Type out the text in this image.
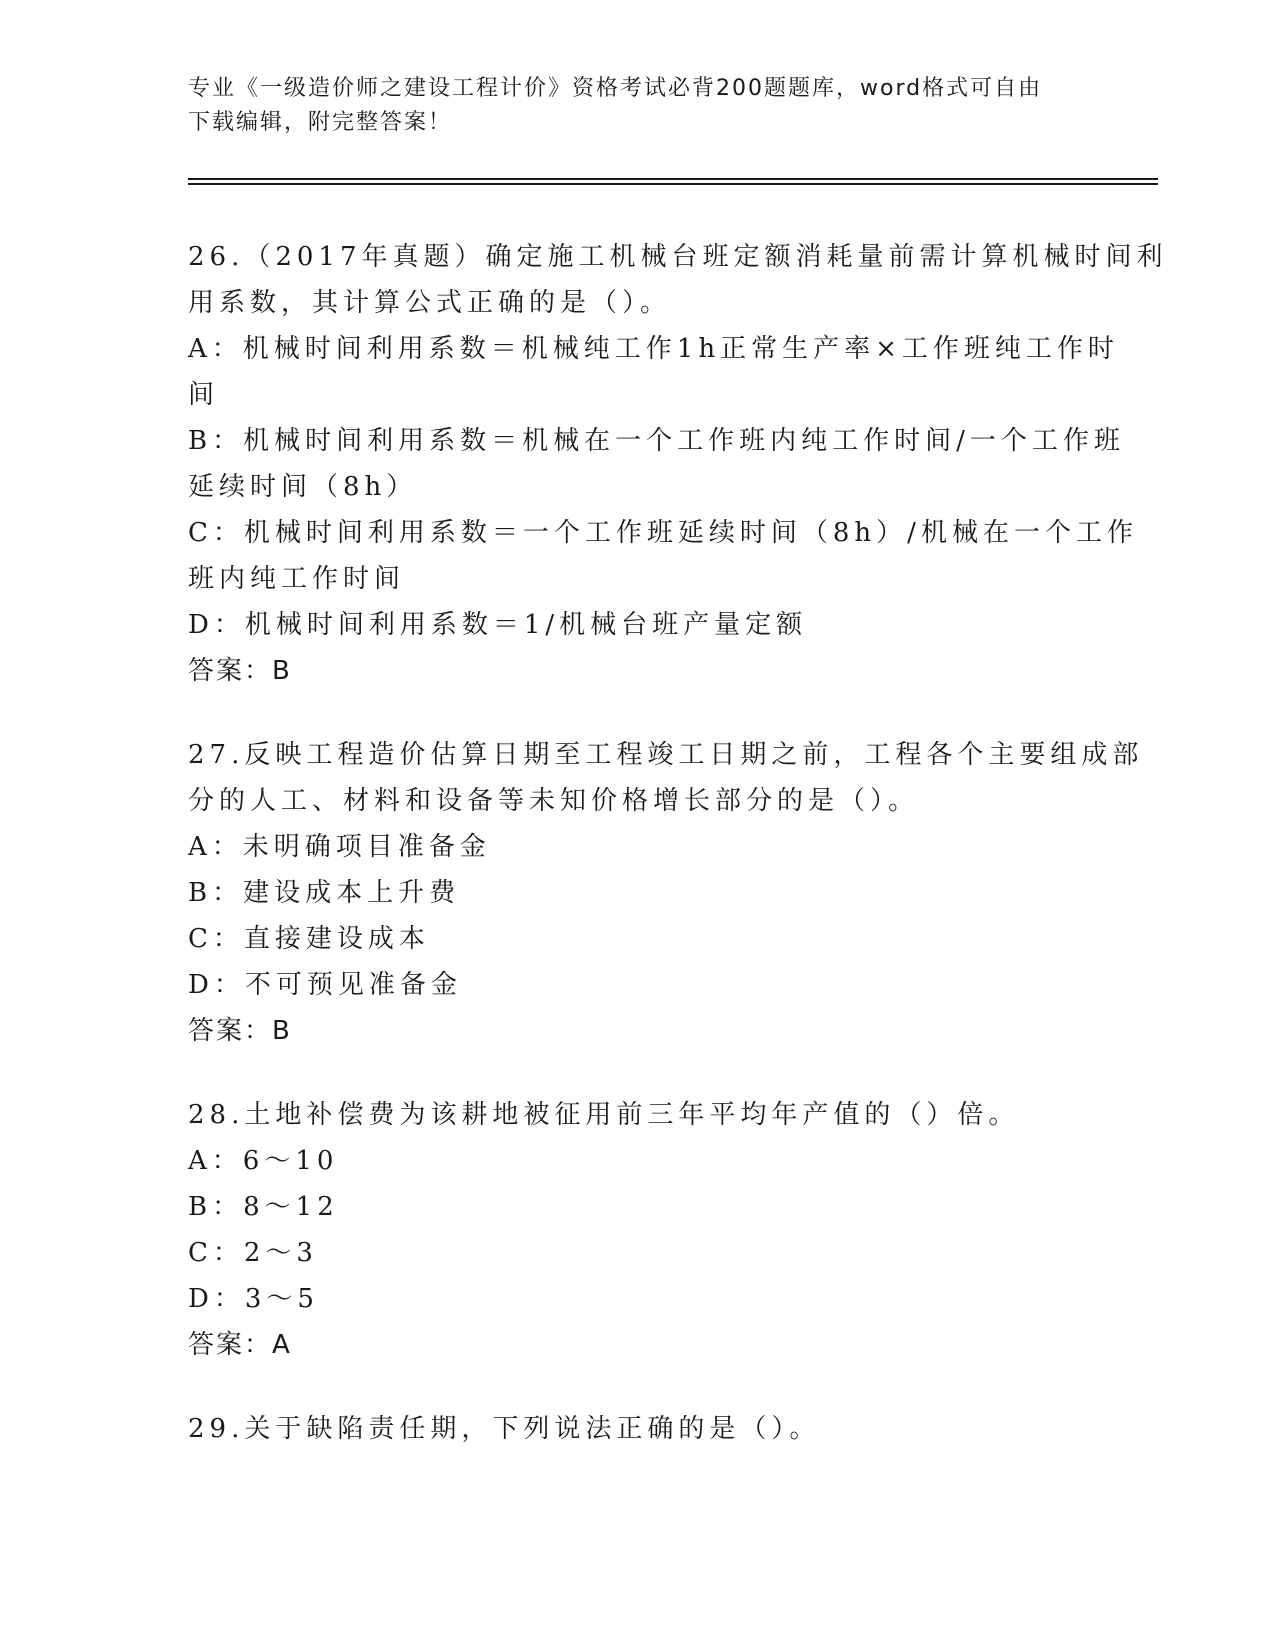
专业《一级造价师之建设工程计价》资格考试必背200题题库，word格式可自由
下载编辑，附完整答案！
26.（2017年真题）确定施工机械台班定额消耗量前需计算机械时间利
用系数，其计算公式正确的是（）。
A：机械时间利用系数＝机械纯工作1h正常生产率×工作班纯工作时
间
B：机械时间利用系数＝机械在一个工作班内纯工作时间/一个工作班
延续时间（8h）
C：机械时间利用系数＝一个工作班延续时间（8h）/机械在一个工作
班内纯工作时间
D：机械时间利用系数＝1/机械台班产量定额
答案：B
27.反映工程造价估算日期至工程竣工日期之前，工程各个主要组成部
分的人工、材料和设备等未知价格增长部分的是（）。
A：未明确项目准备金
B：建设成本上升费
C：直接建设成本
D：不可预见准备金
答案：B
28.土地补偿费为该耕地被征用前三年平均年产值的（）倍。
A：6～10
B：8～12
C：2～3
D：3～5
答案：A
29.关于缺陷责任期，下列说法正确的是（）。
